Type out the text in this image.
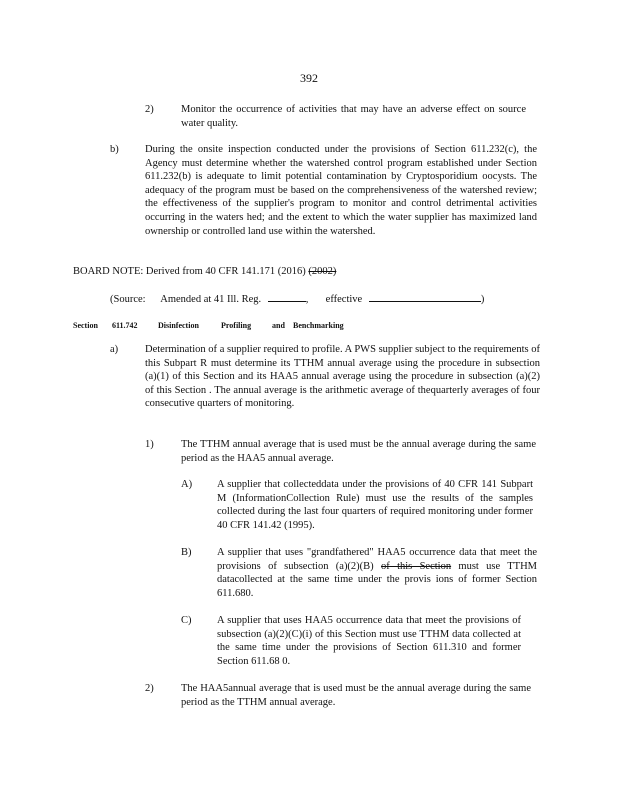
392
2)	Monitor the occurrence of activities that may have an adverse effect on source water quality.
b)	During the onsite inspection conducted under the provisions of Section 611.232(c), the Agency must determine whether the watershed control program established under Section 611.232(b) is adequate to limit potential contamination by Cryptosporidium oocysts. The adequacy of the program must be based on the comprehensiveness of the watershed review; the effectiveness of the supplier's program to monitor and control detrimental activities occurring in the waters hed; and the extent to which the water supplier has maximized land ownership or controlled land use within the watershed.
BOARD NOTE: Derived from 40 CFR 141.171 (2016) (2002)
(Source: Amended at 41 Ill. Reg.	, effective	)
Section 611.742	Disinfection	Profiling	and Benchmarking
a)	Determination of a supplier required to profile. A PWS supplier subject to the requirements of this Subpart R must determine its TTHM annual average using the procedure in subsection (a)(1) of this Section and its HAA5 annual average using the procedure in subsection (a)(2) of this Section . The annual average is the arithmetic average of thequarterly averages of four consecutive quarters of monitoring.
1)	The TTHM annual average that is used must be the annual average during the same period as the HAA5 annual average.
A)	A supplier that collecteddata under the provisions of 40 CFR 141 Subpart M (InformationCollection Rule) must use the results of the samples collected during the last four quarters of required monitoring under former 40 CFR 141.42 (1995).
B)	A supplier that uses "grandfathered" HAA5 occurrence data that meet the provisions of subsection (a)(2)(B) of this Section must use TTHM datacollected at the same time under the provis ions of former Section 611.680.
C)	A supplier that uses HAA5 occurrence data that meet the provisions of subsection (a)(2)(C)(i) of this Section must use TTHM data collected at the same time under the provisions of Section 611.310 and former Section 611.68 0.
2)	The HAA5annual average that is used must be the annual average during the same period as the TTHM annual average.
